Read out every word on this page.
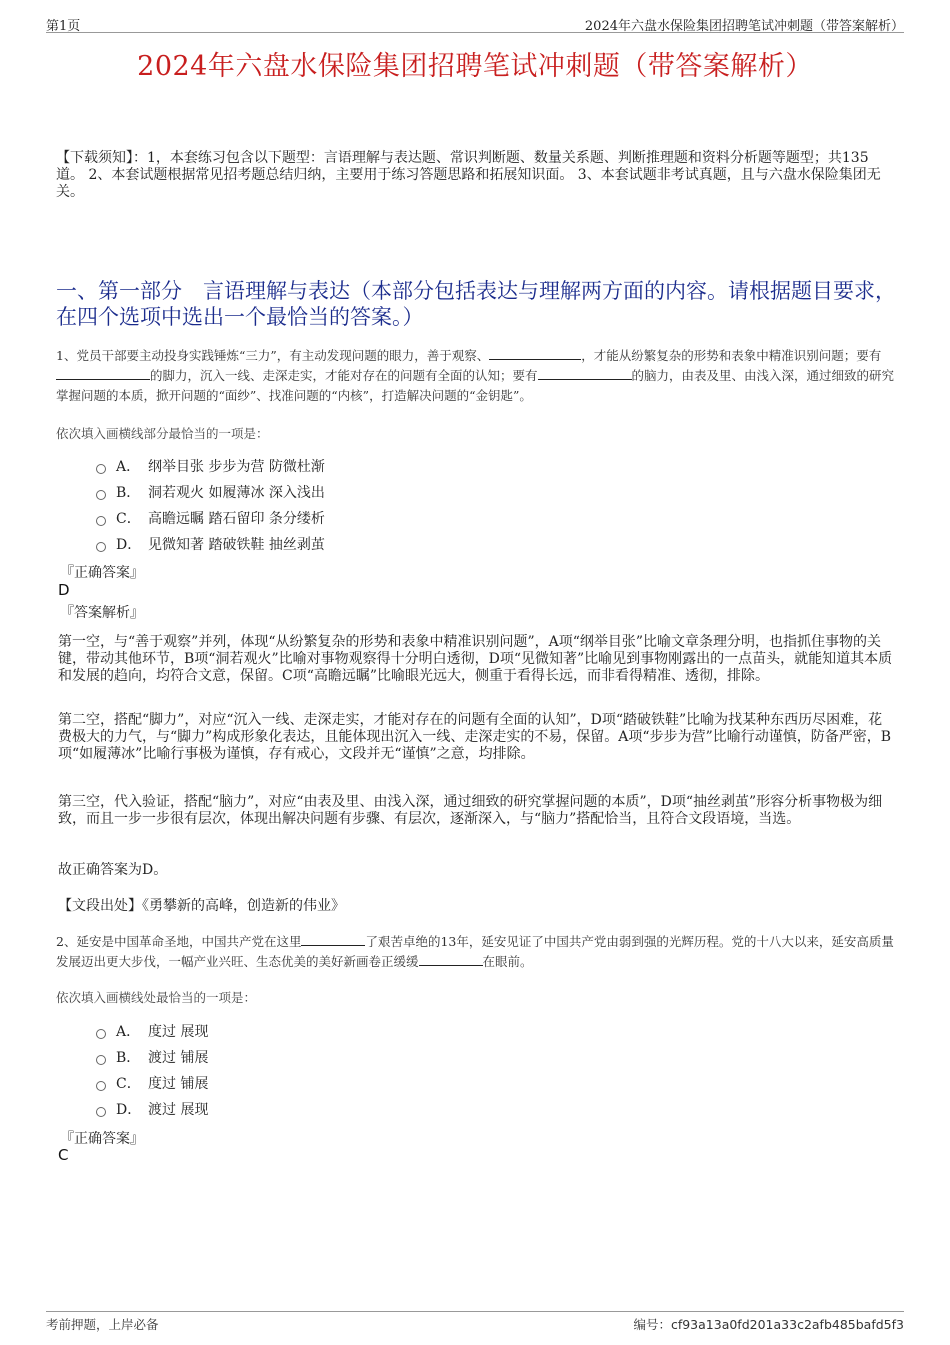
第1页	2024年六盘水保险集团招聘笔试冲刺题（带答案解析）
2024年六盘水保险集团招聘笔试冲刺题（带答案解析）
【下载须知】：1，本套练习包含以下题型：言语理解与表达题、常识判断题、数量关系题、判断推理题和资料分析题等题型；共135道。 2、本套试题根据常见招考题总结归纳，主要用于练习答题思路和拓展知识面。 3、本套试题非考试真题，且与六盘水保险集团无关。
一、第一部分　言语理解与表达（本部分包括表达与理解两方面的内容。请根据题目要求，在四个选项中选出一个最恰当的答案。）
1、党员干部要主动投身实践锤炼“三力”，有主动发现问题的眼力，善于观察、	，才能从纷繁复杂的形势和表象中精准识别问题；要有的脚力，沉入一线、走深走实，才能对存在的问题有全面的认知；要有	的脑力，由表及里、由浅入深，通过细致的研究掌握问题的本质，掀开问题的“面纱”、找准问题的“内核”，打造解决问题的“金钥匙”。
依次填入画横线部分最恰当的一项是：
A． 纲举目张 步步为营 防微杜渐
B． 洞若观火 如履薄冰 深入浅出
C． 高瞻远瞩 踏石留印 条分缕析
D． 见微知著 踏破铁鞋 抽丝剥茧
『正确答案』
D
『答案解析』
第一空，与“善于观察”并列，体现“从纷繁复杂的形势和表象中精准识别问题”，A项“纲举目张”比喻文章条理分明，也指抓住事物的关键，带动其他环节，B项“洞若观火”比喻对事物观察得十分明白透彻，D项“见微知著”比喻见到事物刚露出的一点苗头，就能知道其本质和发展的趋向，均符合文意，保留。C项“高瞻远瞩”比喻眼光远大，侧重于看得长远，而非看得精准、透彻，排除。
第二空，搭配“脚力”，对应“沉入一线、走深走实，才能对存在的问题有全面的认知”，D项“踏破铁鞋”比喻为找某种东西历尽困难，花费极大的力气，与“脚力”构成形象化表达，且能体现出沉入一线、走深走实的不易，保留。A项“步步为营”比喻行动谨慎，防备严密，B项“如履薄冰”比喻行事极为谨慎，存有戒心，文段并无“谨慎”之意，均排除。
第三空，代入验证，搭配“脑力”，对应“由表及里、由浅入深，通过细致的研究掌握问题的本质”，D项“抽丝剥茧”形容分析事物极为细致，而且一步一步很有层次，体现出解决问题有步骤、有层次，逐渐深入，与“脑力”搭配恰当，且符合文段语境，当选。
故正确答案为D。
【文段出处】《勇攀新的高峰，创造新的伟业》
2、延安是中国革命圣地，中国共产党在这里	了艰苦卓绝的13年，延安见证了中国共产党由弱到强的光辉历程。党的十八大以来，延安高质量发展迈出更大步伐，一幅产业兴旺、生态优美的美好新画卷正缓缓	在眼前。
依次填入画横线处最恰当的一项是：
A． 度过 展现
B． 渡过 铺展
C． 度过 铺展
D． 渡过 展现
『正确答案』
C
考前押题，上岸必备	编号：cf93a13a0fd201a33c2afb485bafd5f3
